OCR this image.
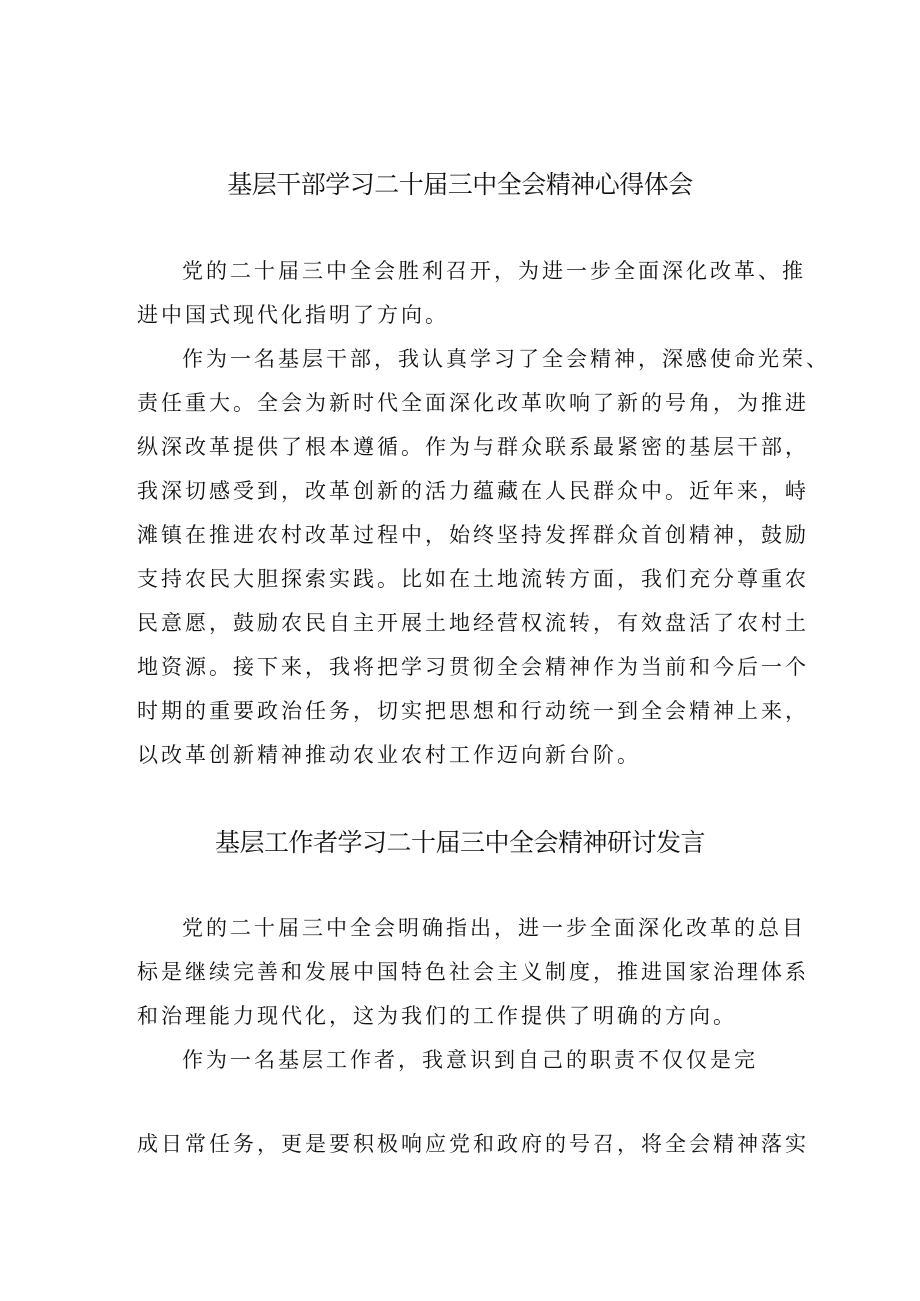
基层干部学习二十届三中全会精神心得体会

党的二十届三中全会胜利召开，为进一步全面深化改革、推

进中国式现代化指明了方向。

作为一名基层干部，我认真学习了全会精神，深感使命光荣、

责任重大。全会为新时代全面深化改革吹响了新的号角，为推进

纵深改革提供了根本遵循。作为与群众联系最紧密的基层干部，

我深切感受到，改革创新的活力蕴藏在人民群众中。近年来，峙

滩镇在推进农村改革过程中，始终坚持发挥群众首创精神，鼓励

支持农民大胆探索实践。比如在土地流转方面，我们充分尊重农

民意愿，鼓励农民自主开展土地经营权流转，有效盘活了农村土

地资源。接下来，我将把学习贯彻全会精神作为当前和今后一个

时期的重要政治任务，切实把思想和行动统一到全会精神上来，

以改革创新精神推动农业农村工作迈向新台阶。

基层工作者学习二十届三中全会精神研讨发言

党的二十届三中全会明确指出，进一步全面深化改革的总目

标是继续完善和发展中国特色社会主义制度，推进国家治理体系

和治理能力现代化，这为我们的工作提供了明确的方向。

作为一名基层工作者，我意识到自己的职责不仅仅是完

成日常任务，更是要积极响应党和政府的号召，将全会精神落实
